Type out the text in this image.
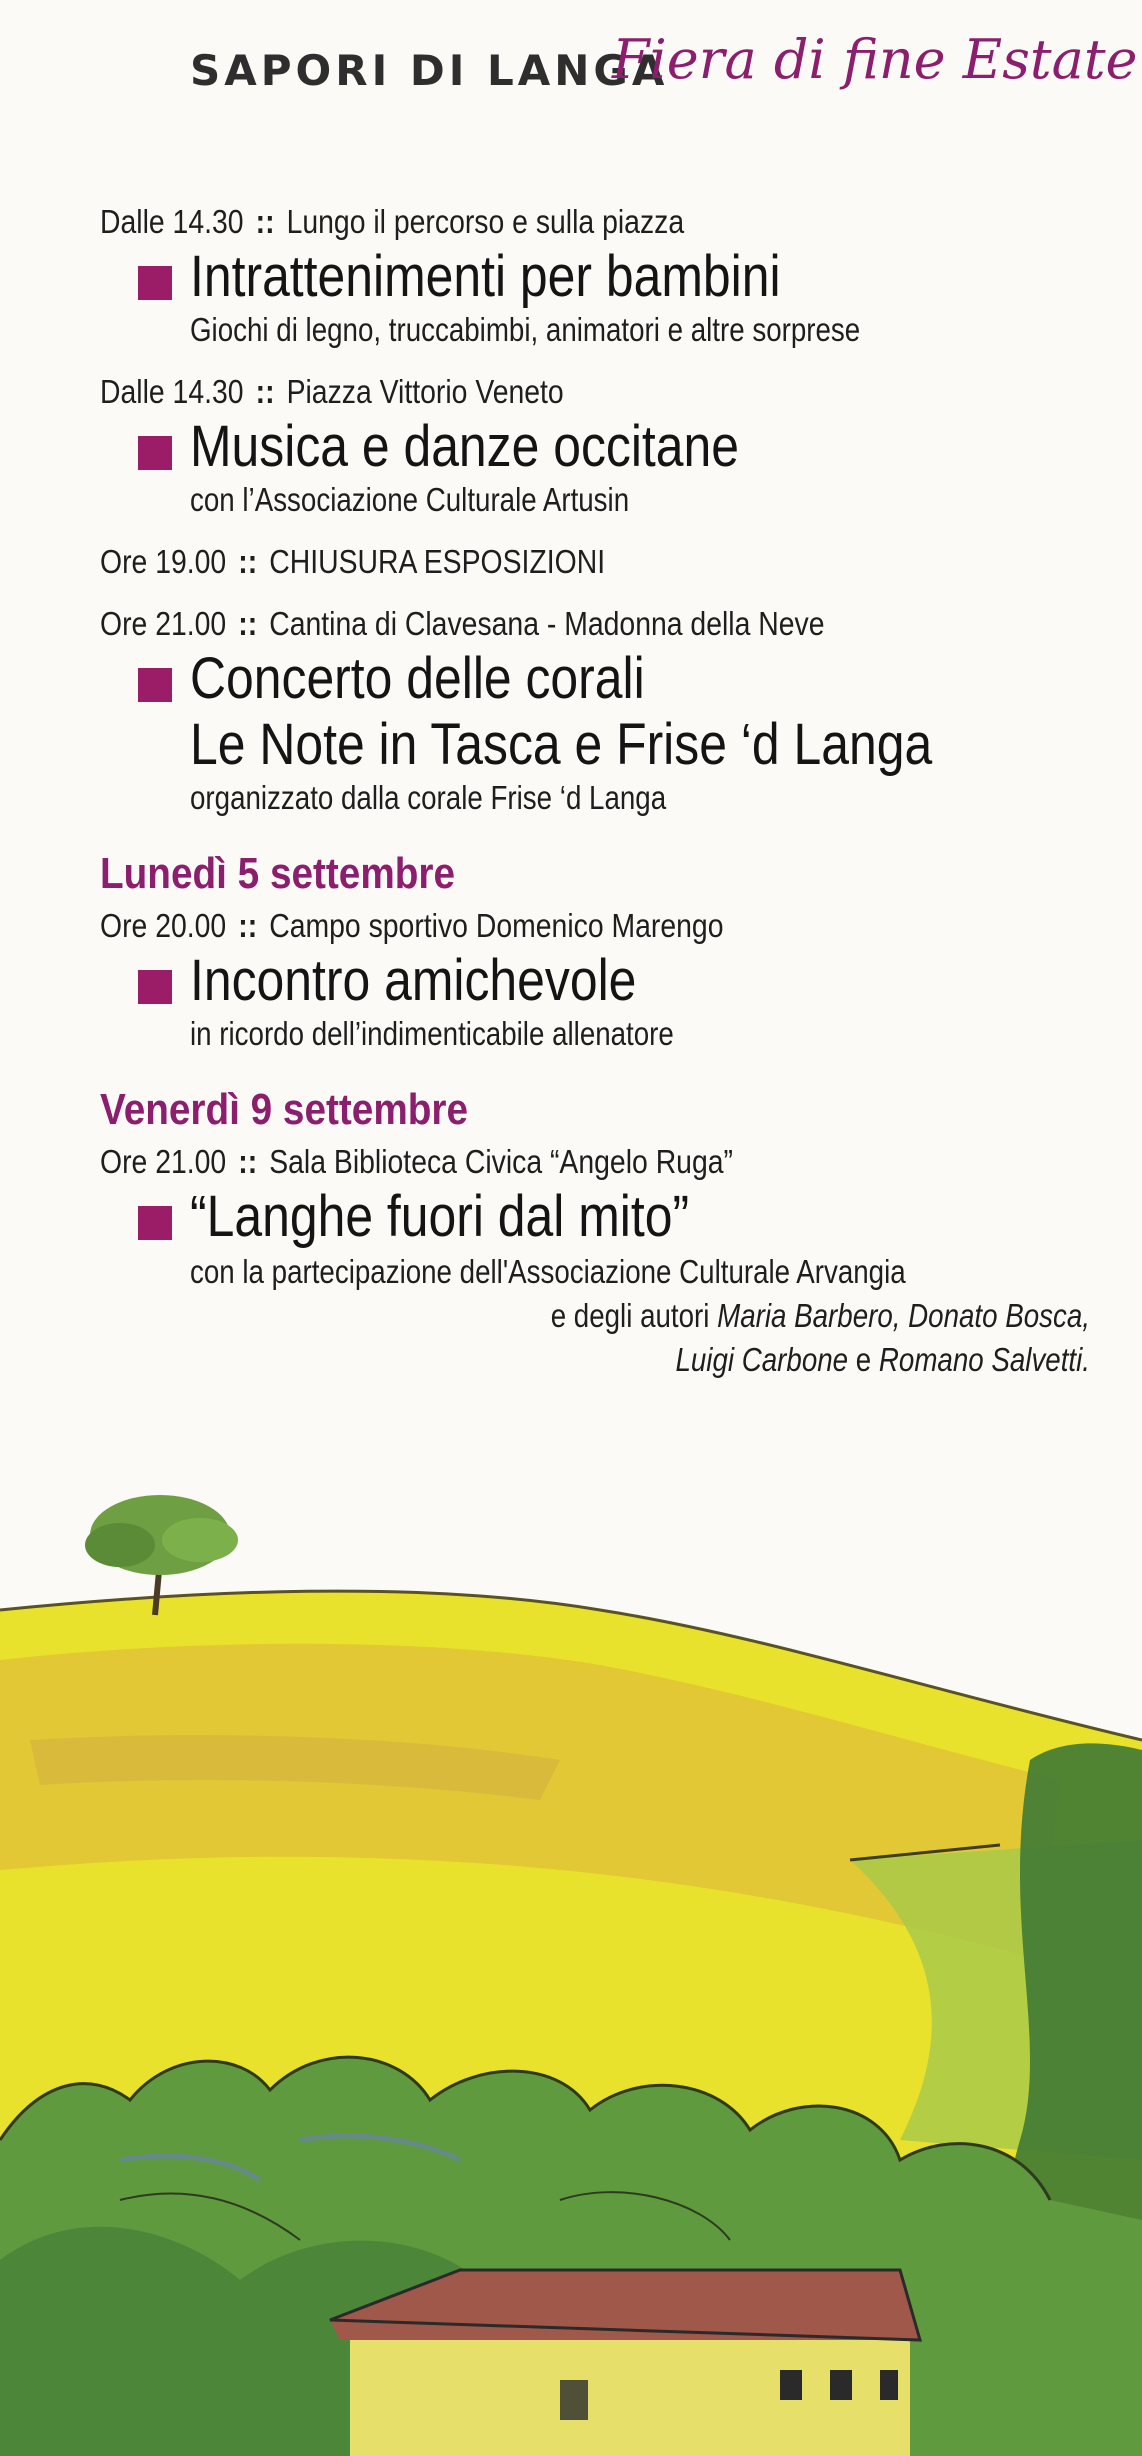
SAPORI DI LANGA
Fiera di fine Estate
Dalle 14.30 :: Lungo il percorso e sulla piazza
Intrattenimenti per bambini
Giochi di legno, truccabimbi, animatori e altre sorprese
Dalle 14.30 :: Piazza Vittorio Veneto
Musica e danze occitane
con l’Associazione Culturale Artusin
Ore 19.00 :: CHIUSURA ESPOSIZIONI
Ore 21.00 :: Cantina di Clavesana - Madonna della Neve
Concerto delle corali
Le Note in Tasca e Frise ‘d Langa
organizzato dalla corale Frise ‘d Langa
Lunedì 5 settembre
Ore 20.00 :: Campo sportivo Domenico Marengo
Incontro amichevole
in ricordo dell’indimenticabile allenatore
Venerdì 9 settembre
Ore 21.00 :: Sala Biblioteca Civica “Angelo Ruga”
“Langhe fuori dal mito”
con la partecipazione dell'Associazione Culturale Arvangia
e degli autori Maria Barbero, Donato Bosca,
Luigi Carbone e Romano Salvetti.
